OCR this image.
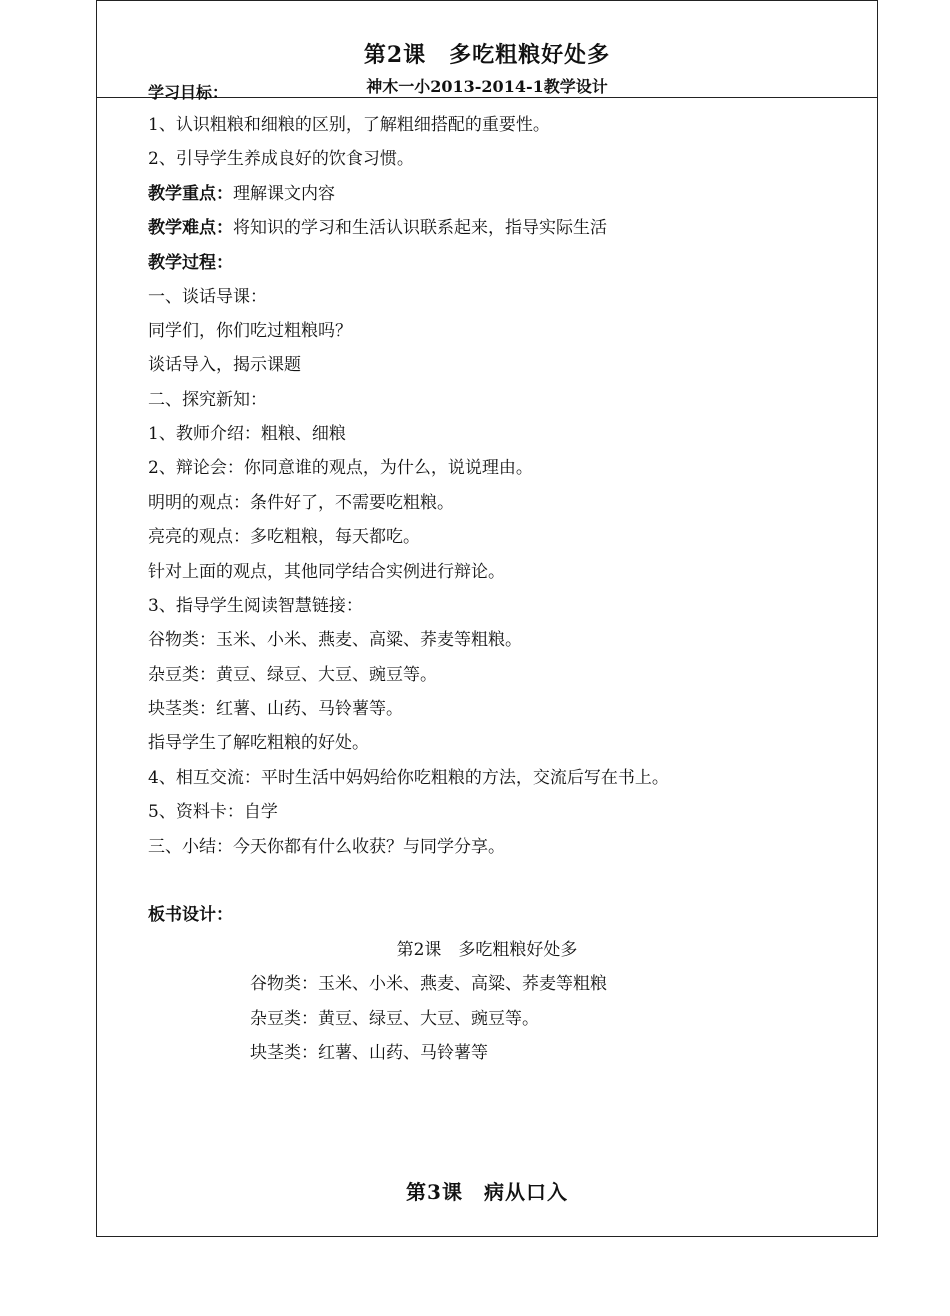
第2课　多吃粗粮好处多
学习目标：	神木一小2013-2014-1教学设计
1、认识粗粮和细粮的区别，了解粗细搭配的重要性。
2、引导学生养成良好的饮食习惯。
教学重点：理解课文内容
教学难点：将知识的学习和生活认识联系起来，指导实际生活
教学过程：
一、谈话导课：
同学们，你们吃过粗粮吗？
谈话导入，揭示课题
二、探究新知：
1、教师介绍：粗粮、细粮
2、辩论会：你同意谁的观点，为什么，说说理由。
明明的观点：条件好了，不需要吃粗粮。
亮亮的观点：多吃粗粮，每天都吃。
针对上面的观点，其他同学结合实例进行辩论。
3、指导学生阅读智慧链接：
谷物类：玉米、小米、燕麦、高粱、荞麦等粗粮。
杂豆类：黄豆、绿豆、大豆、豌豆等。
块茎类：红薯、山药、马铃薯等。
指导学生了解吃粗粮的好处。
4、相互交流：平时生活中妈妈给你吃粗粮的方法，交流后写在书上。
5、资料卡：自学
三、小结：今天你都有什么收获？与同学分享。
板书设计：
第2课　多吃粗粮好处多
谷物类：玉米、小米、燕麦、高粱、荞麦等粗粮
杂豆类：黄豆、绿豆、大豆、豌豆等。
块茎类：红薯、山药、马铃薯等
第3课　病从口入
